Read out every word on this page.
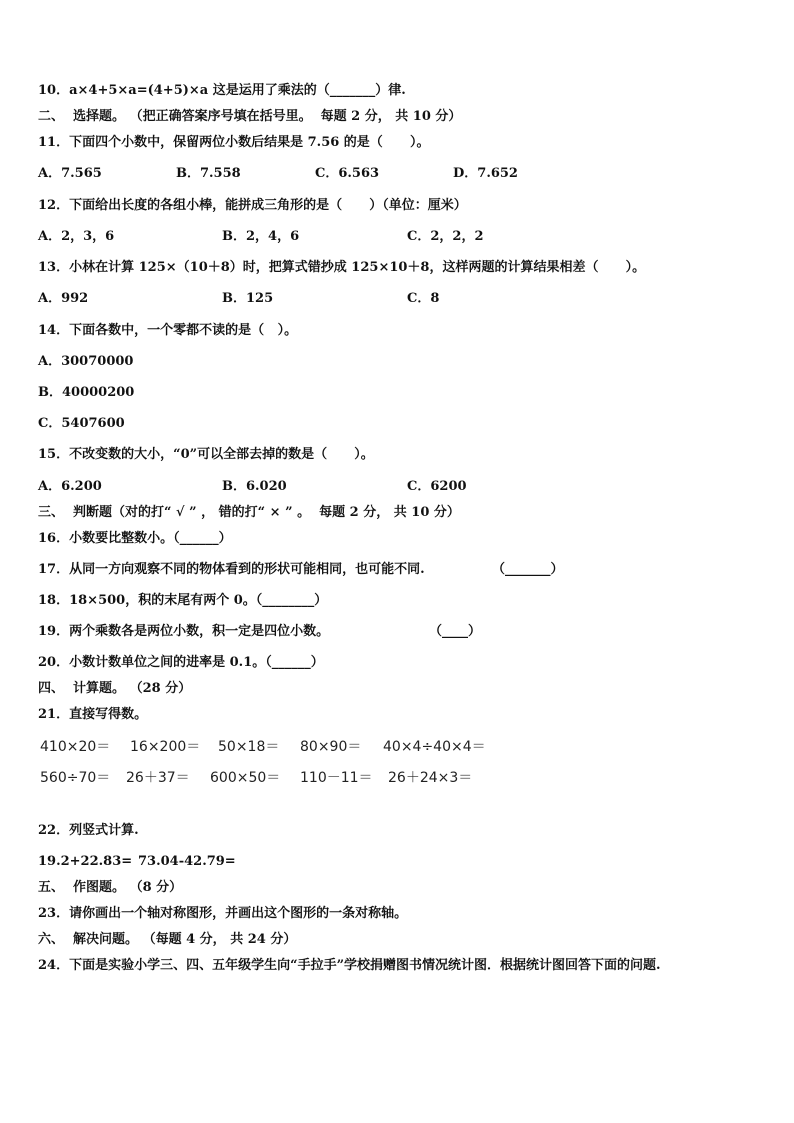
10．a×4+5×a=(4+5)×a 这是运用了乘法的（_______）律.
二、  选择题。 （把正确答案序号填在括号里。  每题 2 分， 共 10 分）
11．下面四个小数中，保留两位小数后结果是 7.56 的是（      ）。
A．7.565	B．7.558	C．6.563	D．7.652
12．下面给出长度的各组小棒，能拼成三角形的是（      ）（单位：厘米）
A．2，3，6	B．2，4，6	C．2，2，2
13．小林在计算 125×（10＋8）时，把算式错抄成 125×10＋8，这样两题的计算结果相差（      ）。
A．992	B．125	C．8
14．下面各数中，一个零都不读的是（   ）。
A．30070000
B．40000200
C．5407600
15．不改变数的大小，“0”可以全部去掉的数是（      ）。
A．6.200	B．6.020	C．6200
三、  判断题（对的打“ √ ” ， 错的打“ × ” 。  每题 2 分， 共 10 分）
16．小数要比整数小。（______）
17．从同一方向观察不同的物体看到的形状可能相同，也可能不同.	（_______）
18．18×500，积的末尾有两个 0。（________）
19．两个乘数各是两位小数，积一定是四位小数。	（____）
20．小数计数单位之间的进率是 0.1。（______）
四、  计算题。 （28 分）
21．直接写得数。
410×20＝ 16×200＝ 50×18＝ 80×90＝ 40×4÷40×4＝
560÷70＝ 26＋37＝ 600×50＝ 110－11＝ 26＋24×3＝
22．列竖式计算.
19.2+22.83= 73.04-42.79=
五、  作图题。 （8 分）
23．请你画出一个轴对称图形，并画出这个图形的一条对称轴。
六、  解决问题。 （每题 4 分， 共 24 分）
24．下面是实验小学三、四、五年级学生向“手拉手”学校捐赠图书情况统计图．根据统计图回答下面的问题.
